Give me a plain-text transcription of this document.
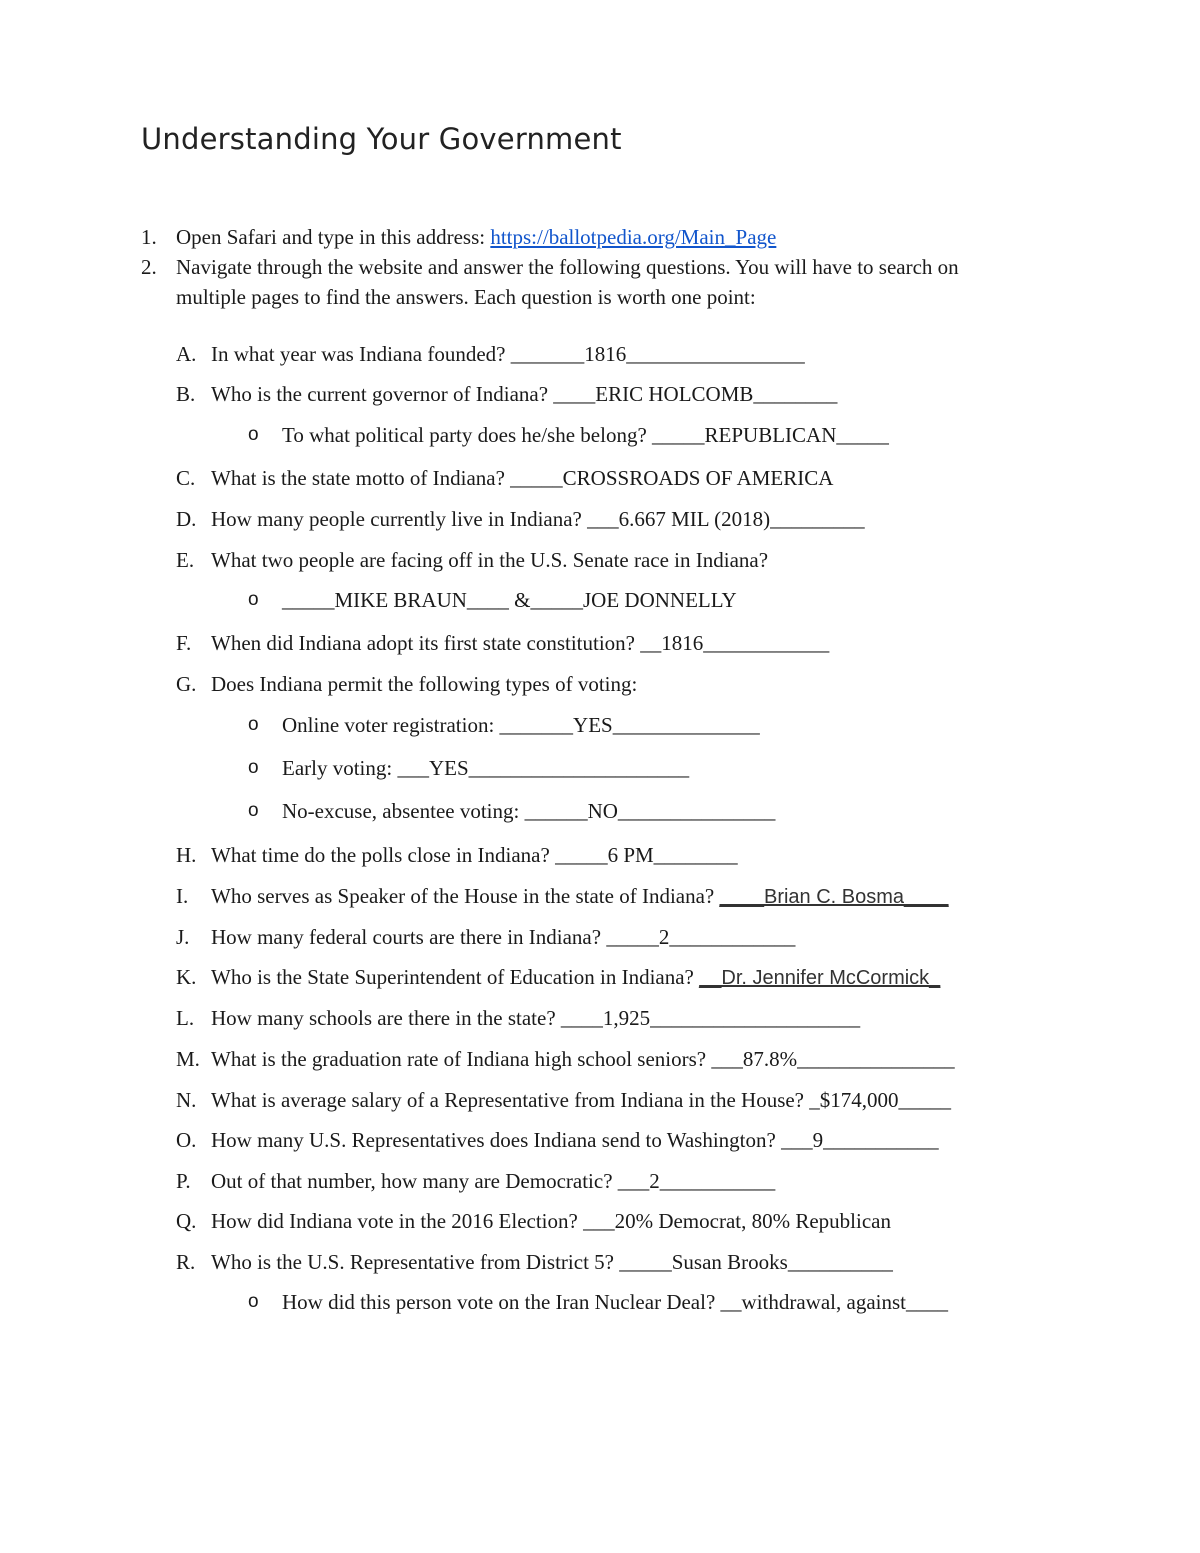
Understanding Your Government
1. Open Safari and type in this address: https://ballotpedia.org/Main_Page
2. Navigate through the website and answer the following questions. You will have to search on
multiple pages to find the answers. Each question is worth one point:
A. In what year was Indiana founded? _______1816_________________
B. Who is the current governor of Indiana? ____ERIC HOLCOMB________
o To what political party does he/she belong? _____REPUBLICAN_____
C. What is the state motto of Indiana? _____CROSSROADS OF AMERICA
D. How many people currently live in Indiana? ___6.667 MIL (2018)_________
E. What two people are facing off in the U.S. Senate race in Indiana?
o _____MIKE BRAUN____ &_____JOE DONNELLY
F. When did Indiana adopt its first state constitution? __1816____________
G. Does Indiana permit the following types of voting:
o Online voter registration: _______YES______________
o Early voting: ___YES_____________________
o No-excuse, absentee voting: ______NO_______________
H. What time do the polls close in Indiana? _____6 PM________
I. Who serves as Speaker of the House in the state of Indiana? ____Brian C. Bosma____
J. How many federal courts are there in Indiana? _____2____________
K. Who is the State Superintendent of Education in Indiana? __Dr. Jennifer McCormick_
L. How many schools are there in the state? ____1,925____________________
M. What is the graduation rate of Indiana high school seniors? ___87.8%_______________
N. What is average salary of a Representative from Indiana in the House? _$174,000_____
O. How many U.S. Representatives does Indiana send to Washington? ___9___________
P. Out of that number, how many are Democratic? ___2___________
Q. How did Indiana vote in the 2016 Election? ___20% Democrat, 80% Republican
R. Who is the U.S. Representative from District 5? _____Susan Brooks__________
o How did this person vote on the Iran Nuclear Deal? __withdrawal, against____
